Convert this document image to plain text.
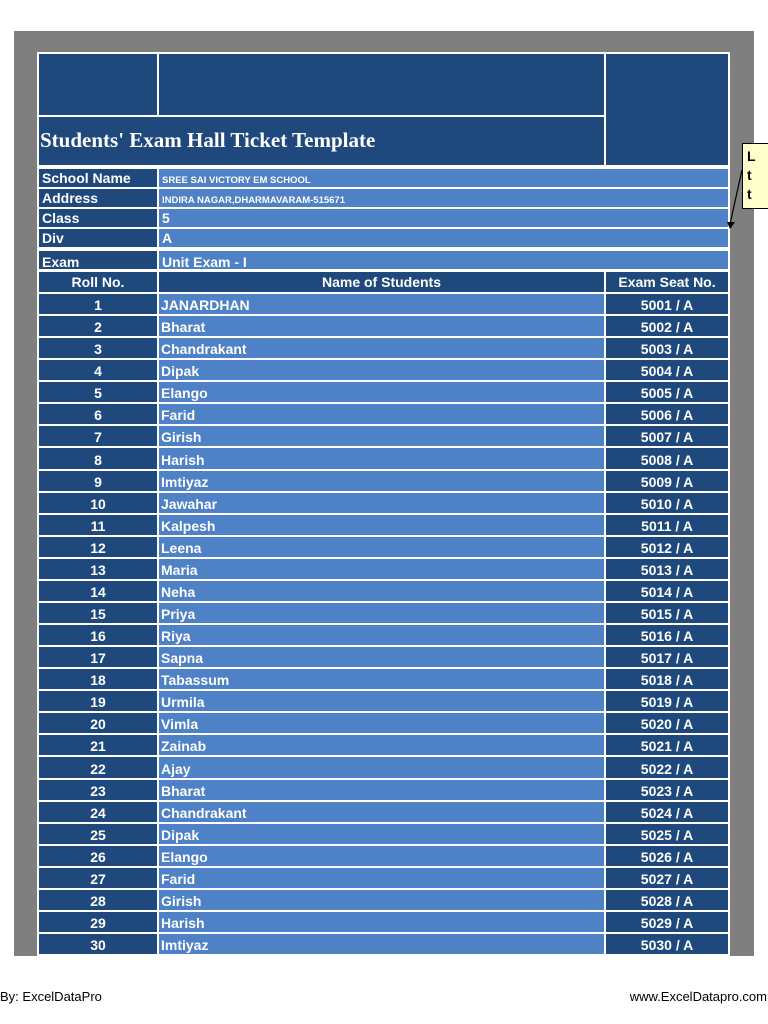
Students' Exam Hall Ticket Template
School Name	SREE SAI VICTORY EM SCHOOL
Address	INDIRA NAGAR,DHARMAVARAM-515671
Class	5
Div	A
Exam	Unit Exam - I
Roll No.	Name of Students	Exam Seat No.
1	JANARDHAN	5001 / A
2	Bharat	5002 / A
3	Chandrakant	5003 / A
4	Dipak	5004 / A
5	Elango	5005 / A
6	Farid	5006 / A
7	Girish	5007 / A
8	Harish	5008 / A
9	Imtiyaz	5009 / A
10	Jawahar	5010 / A
11	Kalpesh	5011 / A
12	Leena	5012 / A
13	Maria	5013 / A
14	Neha	5014 / A
15	Priya	5015 / A
16	Riya	5016 / A
17	Sapna	5017 / A
18	Tabassum	5018 / A
19	Urmila	5019 / A
20	Vimla	5020 / A
21	Zainab	5021 / A
22	Ajay	5022 / A
23	Bharat	5023 / A
24	Chandrakant	5024 / A
25	Dipak	5025 / A
26	Elango	5026 / A
27	Farid	5027 / A
28	Girish	5028 / A
29	Harish	5029 / A
30	Imtiyaz	5030 / A
L
t
t
By: ExcelDataPro	www.ExcelDatapro.com
